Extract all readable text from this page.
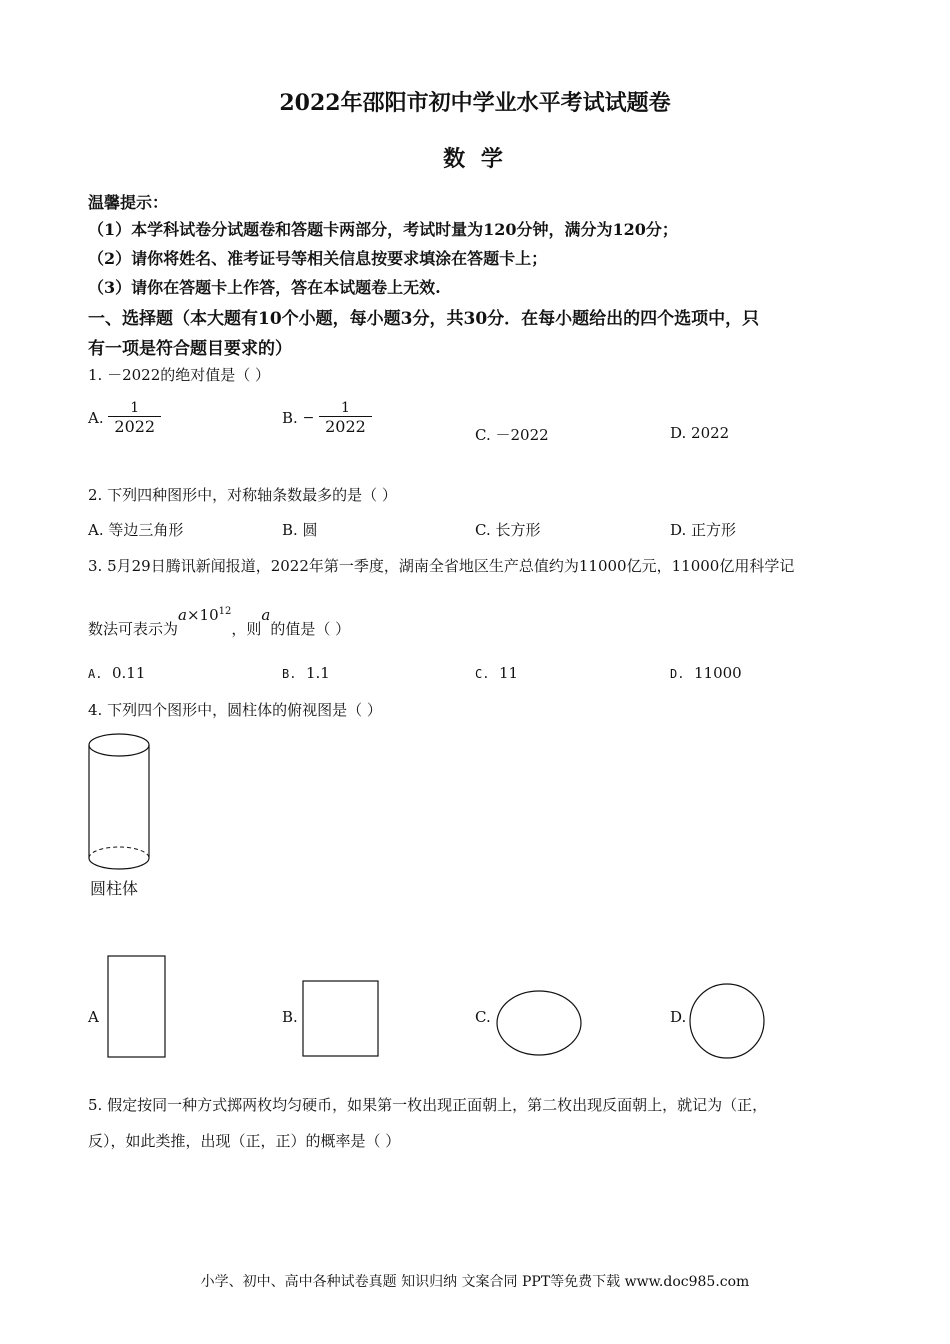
2022年邵阳市初中学业水平考试试题卷
数 学
温馨提示：
（1）本学科试卷分试题卷和答题卡两部分，考试时量为120分钟，满分为120分；
（2）请你将姓名、准考证号等相关信息按要求填涂在答题卡上；
（3）请你在答题卡上作答，答在本试题卷上无效.
一、选择题（本大题有10个小题，每小题3分，共30分．在每小题给出的四个选项中，只
有一项是符合题目要求的）
1. －2022的绝对值是（ ）
A. $\frac{1}{2022}$	B. − $\frac{1}{2022}$	C. －2022	D. 2022
2. 下列四种图形中，对称轴条数最多的是（ ）
A. 等边三角形	B. 圆	C. 长方形	D. 正方形
3. 5月29日腾讯新闻报道，2022年第一季度，湖南全省地区生产总值约为11000亿元，11000亿用科学记
数法可表示为$a\times 10^{12}$，则a的值是（ ）
A. 0.11	B. 1.1	C. 11	D. 11000
4. 下列四个图形中，圆柱体的俯视图是（ ）
圆柱体
A	B.	C.	D.
5. 假定按同一种方式掷两枚均匀硬币，如果第一枚出现正面朝上，第二枚出现反面朝上，就记为（正，
反），如此类推，出现（正，正）的概率是（ ）
小学、初中、高中各种试卷真题 知识归纳 文案合同 PPT等免费下载 www.doc985.com
